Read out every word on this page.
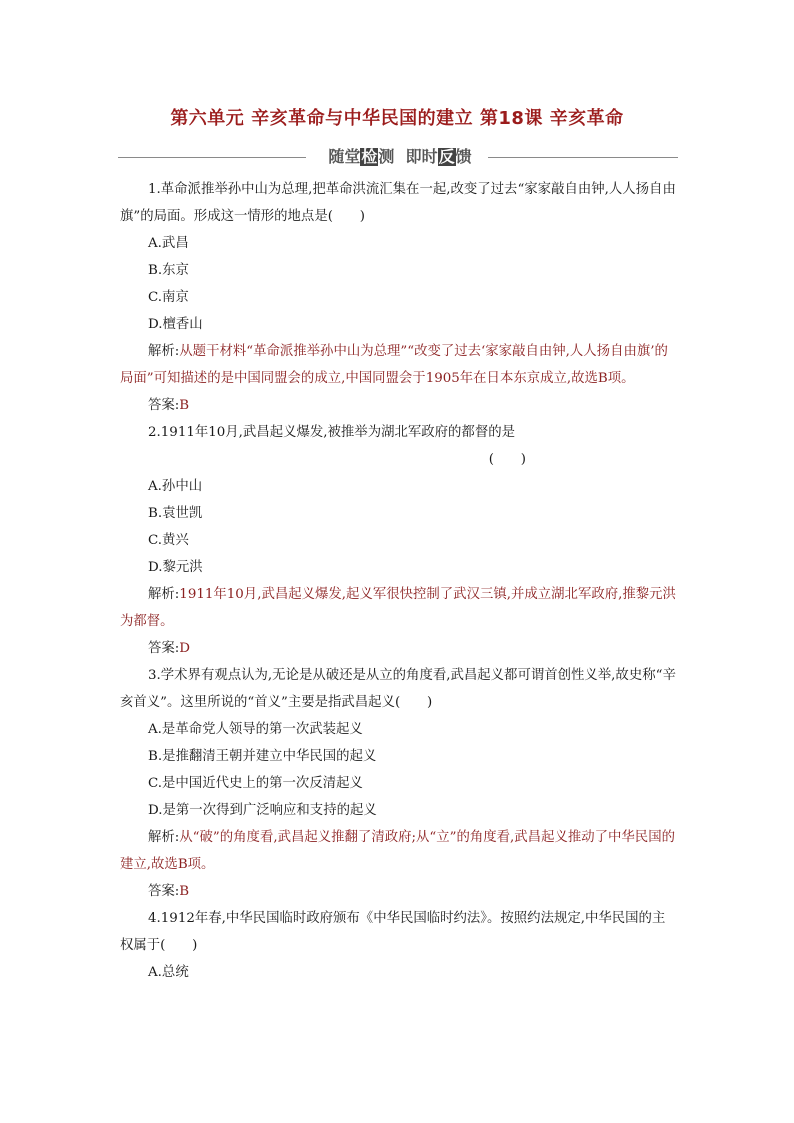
第六单元 辛亥革命与中华民国的建立 第18课 辛亥革命
随堂检测 即时反馈

1.革命派推举孙中山为总理,把革命洪流汇集在一起,改变了过去“家家敲自由钟,人人扬自由旗”的局面。形成这一情形的地点是(　　)

A.武昌

B.东京

C.南京

D.檀香山

解析:从题干材料“革命派推举孙中山为总理”“改变了过去‘家家敲自由钟,人人扬自由旗’的局面”可知描述的是中国同盟会的成立,中国同盟会于1905年在日本东京成立,故选B项。

答案:B

2.1911年10月,武昌起义爆发,被推举为湖北军政府的都督的是

(　　)

A.孙中山

B.袁世凯

C.黄兴

D.黎元洪

解析:1911年10月,武昌起义爆发,起义军很快控制了武汉三镇,并成立湖北军政府,推黎元洪为都督。

答案:D

3.学术界有观点认为,无论是从破还是从立的角度看,武昌起义都可谓首创性义举,故史称“辛亥首义”。这里所说的“首义”主要是指武昌起义(　　)

A.是革命党人领导的第一次武装起义

B.是推翻清王朝并建立中华民国的起义

C.是中国近代史上的第一次反清起义

D.是第一次得到广泛响应和支持的起义

解析:从“破”的角度看,武昌起义推翻了清政府;从“立”的角度看,武昌起义推动了中华民国的建立,故选B项。

答案:B

4.1912年春,中华民国临时政府颁布《中华民国临时约法》。按照约法规定,中华民国的主权属于(　　)

A.总统
